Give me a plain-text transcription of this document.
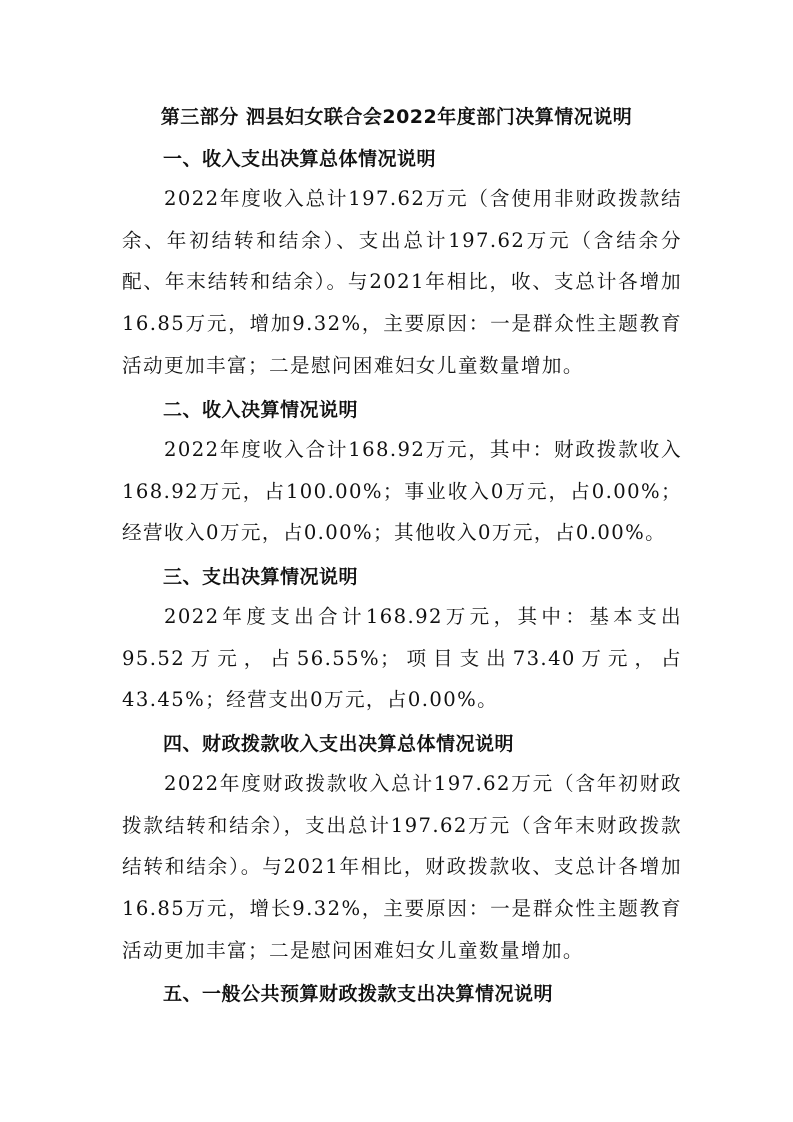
第三部分 泗县妇女联合会2022年度部门决算情况说明
一、收入支出决算总体情况说明

2022年度收入总计197.62万元（含使用非财政拨款结余、年初结转和结余）、支出总计197.62万元（含结余分配、年末结转和结余）。与2021年相比，收、支总计各增加16.85万元，增加9.32%，主要原因：一是群众性主题教育活动更加丰富；二是慰问困难妇女儿童数量增加。

二、收入决算情况说明

2022年度收入合计168.92万元，其中：财政拨款收入168.92万元，占100.00%；事业收入0万元，占0.00%；经营收入0万元，占0.00%；其他收入0万元，占0.00%。

三、支出决算情况说明

2022年度支出合计168.92万元，其中：基本支出95.52万元，占56.55%；项目支出73.40万元，占43.45%；经营支出0万元，占0.00%。

四、财政拨款收入支出决算总体情况说明

2022年度财政拨款收入总计197.62万元（含年初财政拨款结转和结余），支出总计197.62万元（含年末财政拨款结转和结余）。与2021年相比，财政拨款收、支总计各增加16.85万元，增长9.32%，主要原因：一是群众性主题教育活动更加丰富；二是慰问困难妇女儿童数量增加。

五、一般公共预算财政拨款支出决算情况说明
